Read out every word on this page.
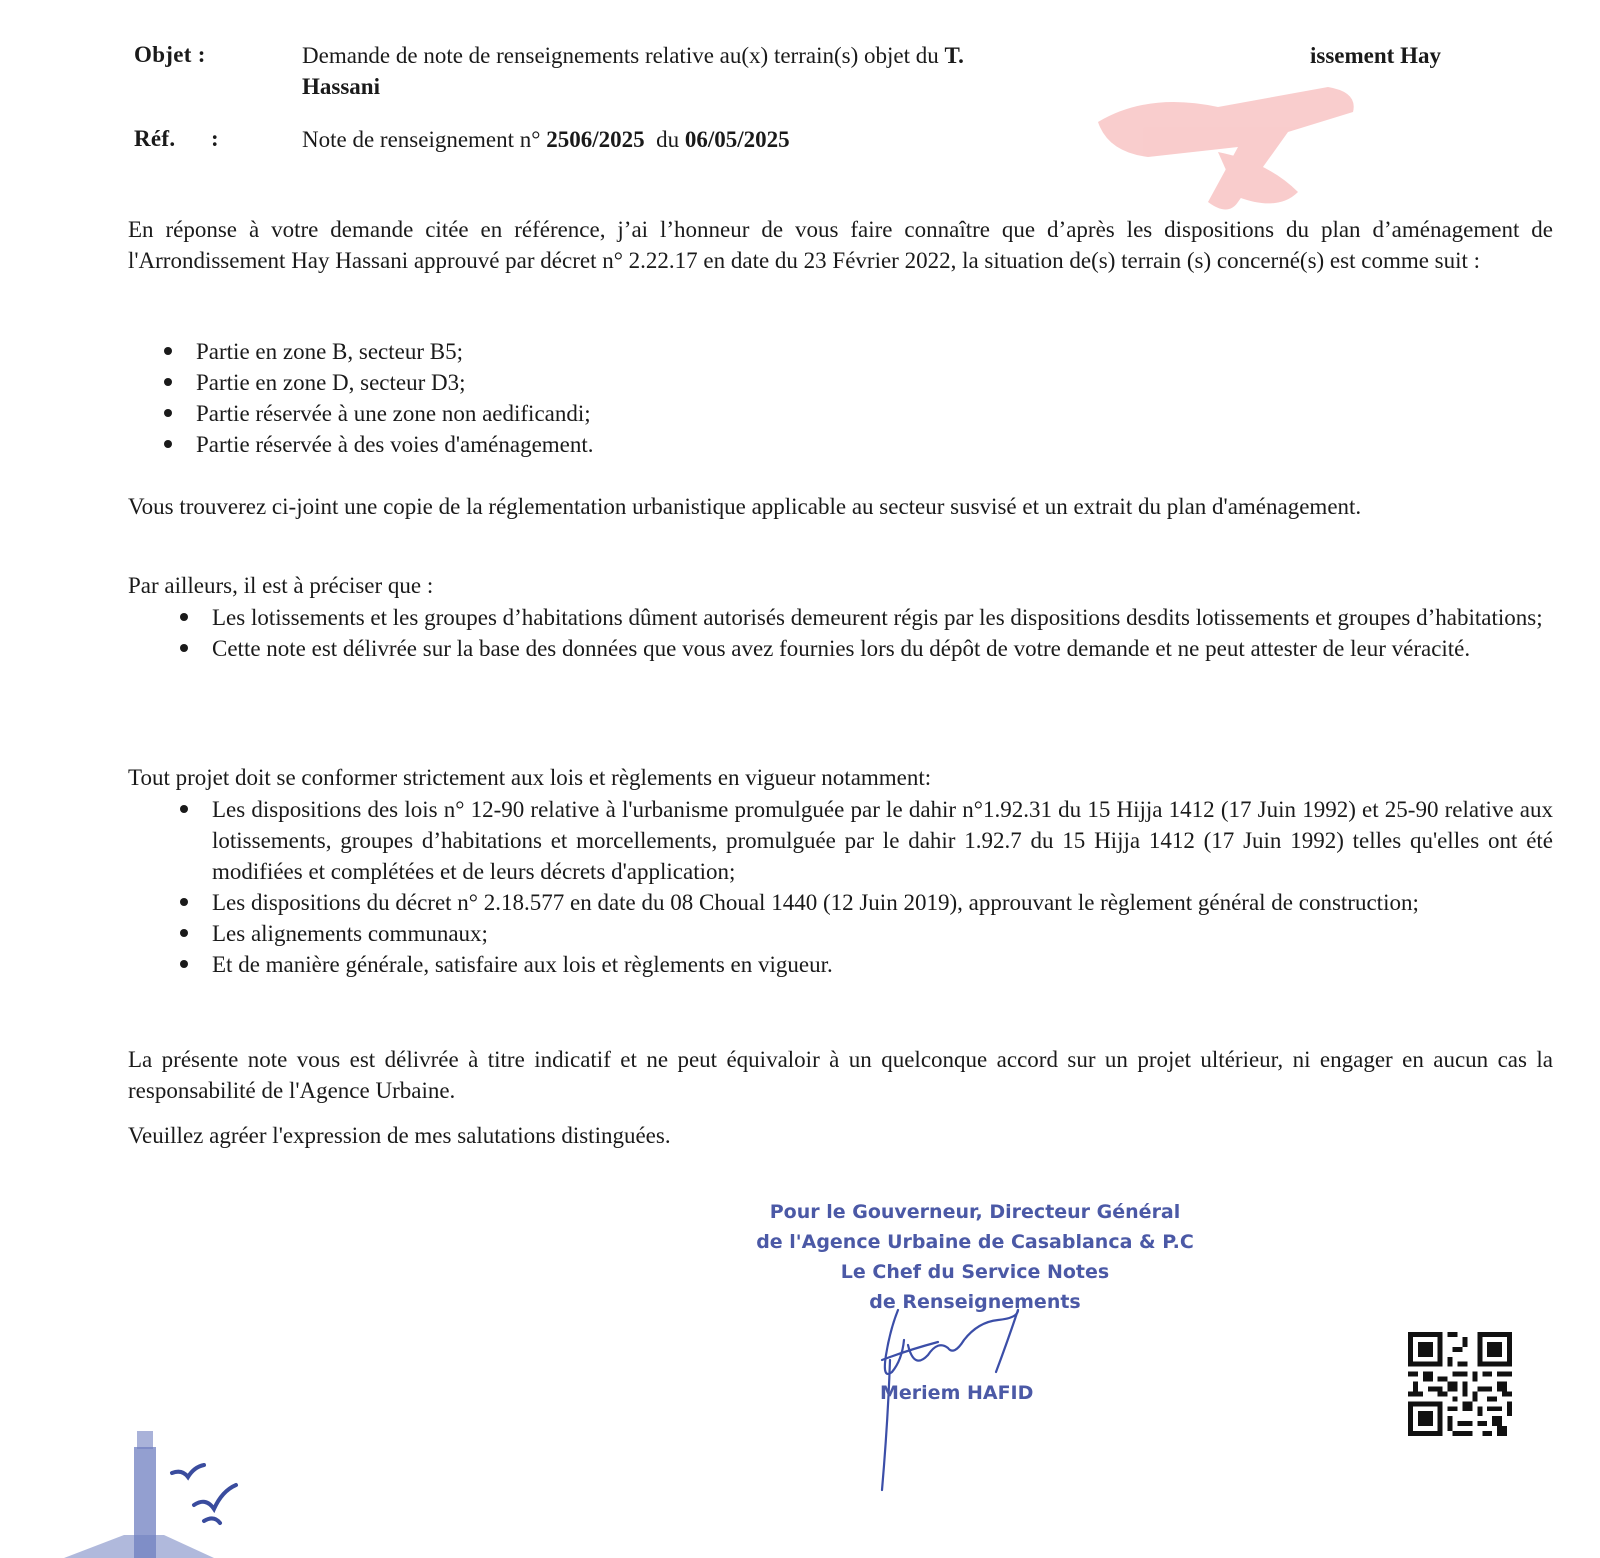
Objet :	Demande de note de renseignements relative au(x) terrain(s) objet du T.	issement Hay
Hassani
Réf. :	Note de renseignement n° 2506/2025 du 06/05/2025

En réponse à votre demande citée en référence, j’ai l’honneur de vous faire connaître que d’après les dispositions du plan d’aménagement de l'Arrondissement Hay Hassani approuvé par décret n° 2.22.17 en date du 23 Février 2022, la situation de(s) terrain (s) concerné(s) est comme suit :

Partie en zone B, secteur B5;
Partie en zone D, secteur D3;
Partie réservée à une zone non aedificandi;
Partie réservée à des voies d'aménagement.

Vous trouverez ci-joint une copie de la réglementation urbanistique applicable au secteur susvisé et un extrait du plan d'aménagement.

Par ailleurs, il est à préciser que :

Les lotissements et les groupes d’habitations dûment autorisés demeurent régis par les dispositions desdits lotissements et groupes d’habitations;
Cette note est délivrée sur la base des données que vous avez fournies lors du dépôt de votre demande et ne peut attester de leur véracité.

Tout projet doit se conformer strictement aux lois et règlements en vigueur notamment:

Les dispositions des lois n° 12-90 relative à l'urbanisme promulguée par le dahir n°1.92.31 du 15 Hijja 1412 (17 Juin 1992) et 25-90 relative aux lotissements, groupes d’habitations et morcellements, promulguée par le dahir 1.92.7 du 15 Hijja 1412 (17 Juin 1992) telles qu'elles ont été modifiées et complétées et de leurs décrets d'application;
Les dispositions du décret n° 2.18.577 en date du 08 Choual 1440 (12 Juin 2019), approuvant le règlement général de construction;
Les alignements communaux;
Et de manière générale, satisfaire aux lois et règlements en vigueur.

La présente note vous est délivrée à titre indicatif et ne peut équivaloir à un quelconque accord sur un projet ultérieur, ni engager en aucun cas la responsabilité de l'Agence Urbaine.

Veuillez agréer l'expression de mes salutations distinguées.

Pour le Gouverneur, Directeur Général
de l'Agence Urbaine de Casablanca & P.C
Le Chef du Service Notes
de Renseignements
Meriem HAFID
